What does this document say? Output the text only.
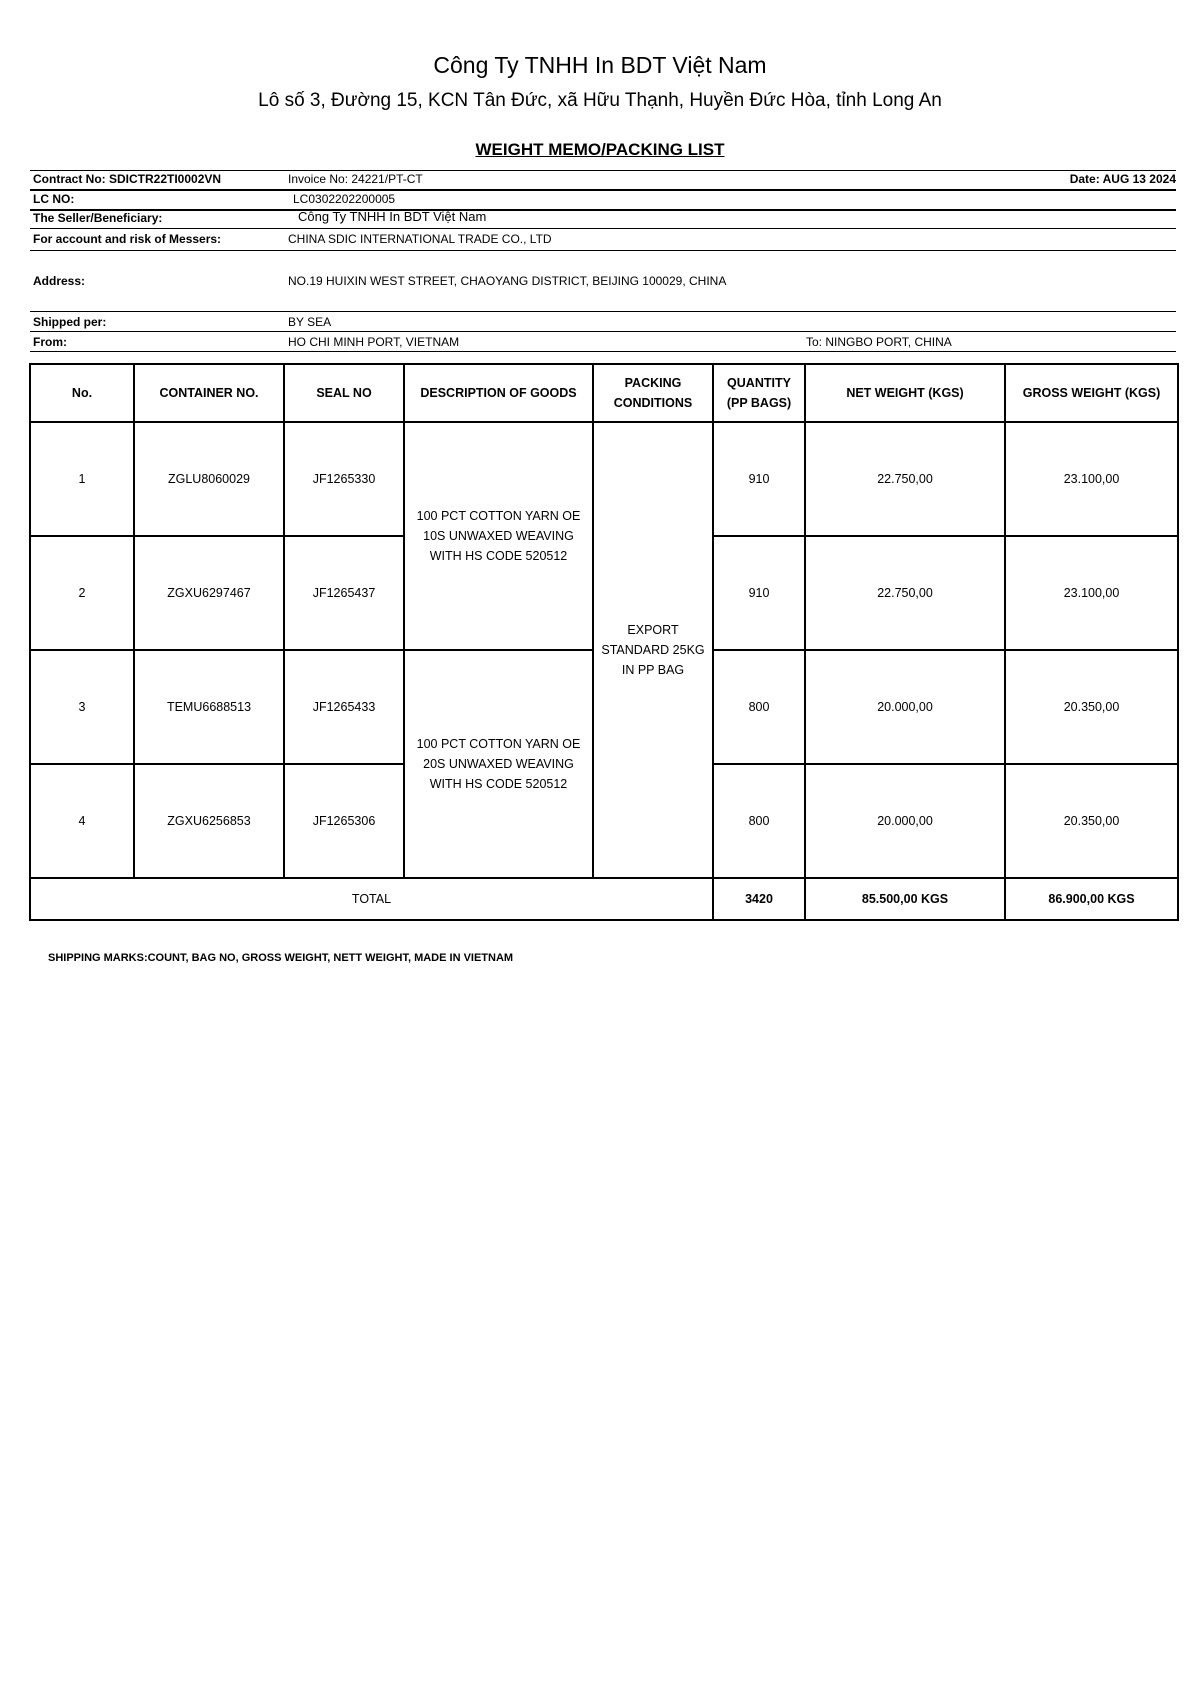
Công Ty TNHH In BDT Việt Nam
Lô số 3, Đường 15, KCN Tân Đức, xã Hữu Thạnh, Huyền Đức Hòa, tỉnh Long An
WEIGHT MEMO/PACKING LIST
Contract No: SDICTR22TI0002VN	Invoice No: 24221/PT-CT	Date: AUG 13 2024
LC NO:	LC0302202200005
The Seller/Beneficiary:	Công Ty TNHH In BDT Việt Nam
For account and risk of Messers:	CHINA SDIC INTERNATIONAL TRADE CO., LTD
Address:	NO.19 HUIXIN WEST STREET, CHAOYANG DISTRICT, BEIJING 100029, CHINA
Shipped per:	BY SEA
From:	HO CHI MINH PORT, VIETNAM	To: NINGBO PORT, CHINA
No.	CONTAINER NO.	SEAL NO	DESCRIPTION OF GOODS	PACKING CONDITIONS	QUANTITY (PP BAGS)	NET WEIGHT (KGS)	GROSS WEIGHT (KGS)
1	ZGLU8060029	JF1265330	100 PCT COTTON YARN OE 10S UNWAXED WEAVING WITH HS CODE 520512	EXPORT STANDARD 25KG IN PP BAG	910	22.750,00	23.100,00
2	ZGXU6297467	JF1265437			910	22.750,00	23.100,00
3	TEMU6688513	JF1265433	100 PCT COTTON YARN OE 20S UNWAXED WEAVING WITH HS CODE 520512		800	20.000,00	20.350,00
4	ZGXU6256853	JF1265306			800	20.000,00	20.350,00
TOTAL					3420	85.500,00 KGS	86.900,00 KGS
SHIPPING MARKS:COUNT, BAG NO, GROSS WEIGHT, NETT WEIGHT, MADE IN VIETNAM
